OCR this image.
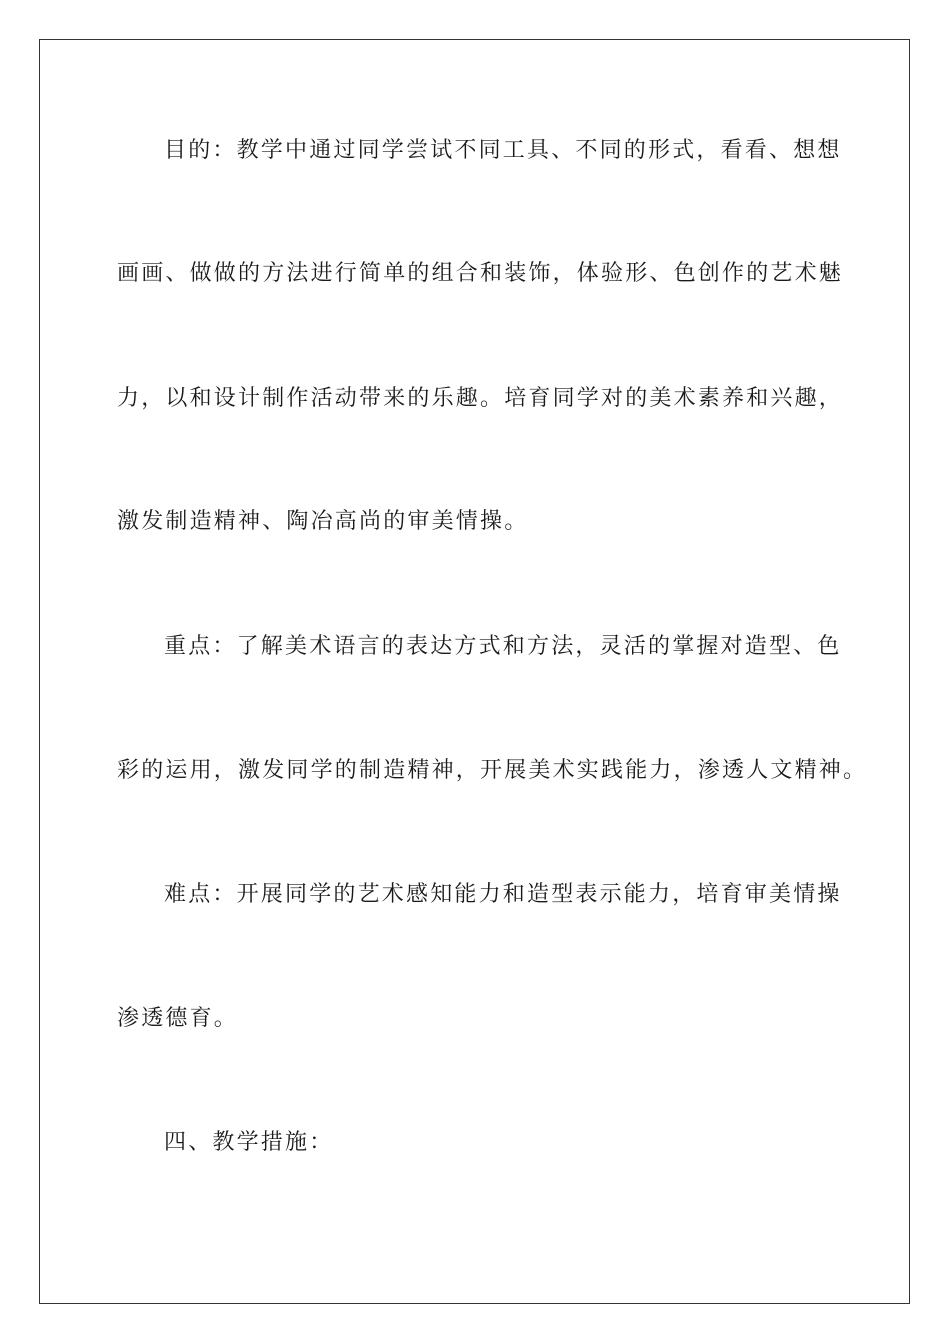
目的：教学中通过同学尝试不同工具、不同的形式，看看、想想
画画、做做的方法进行简单的组合和装饰，体验形、色创作的艺术魅
力，以和设计制作活动带来的乐趣。培育同学对的美术素养和兴趣，
激发制造精神、陶冶高尚的审美情操。
重点：了解美术语言的表达方式和方法，灵活的掌握对造型、色
彩的运用，激发同学的制造精神，开展美术实践能力，渗透人文精神。
难点：开展同学的艺术感知能力和造型表示能力，培育审美情操
渗透德育。
四、教学措施：
